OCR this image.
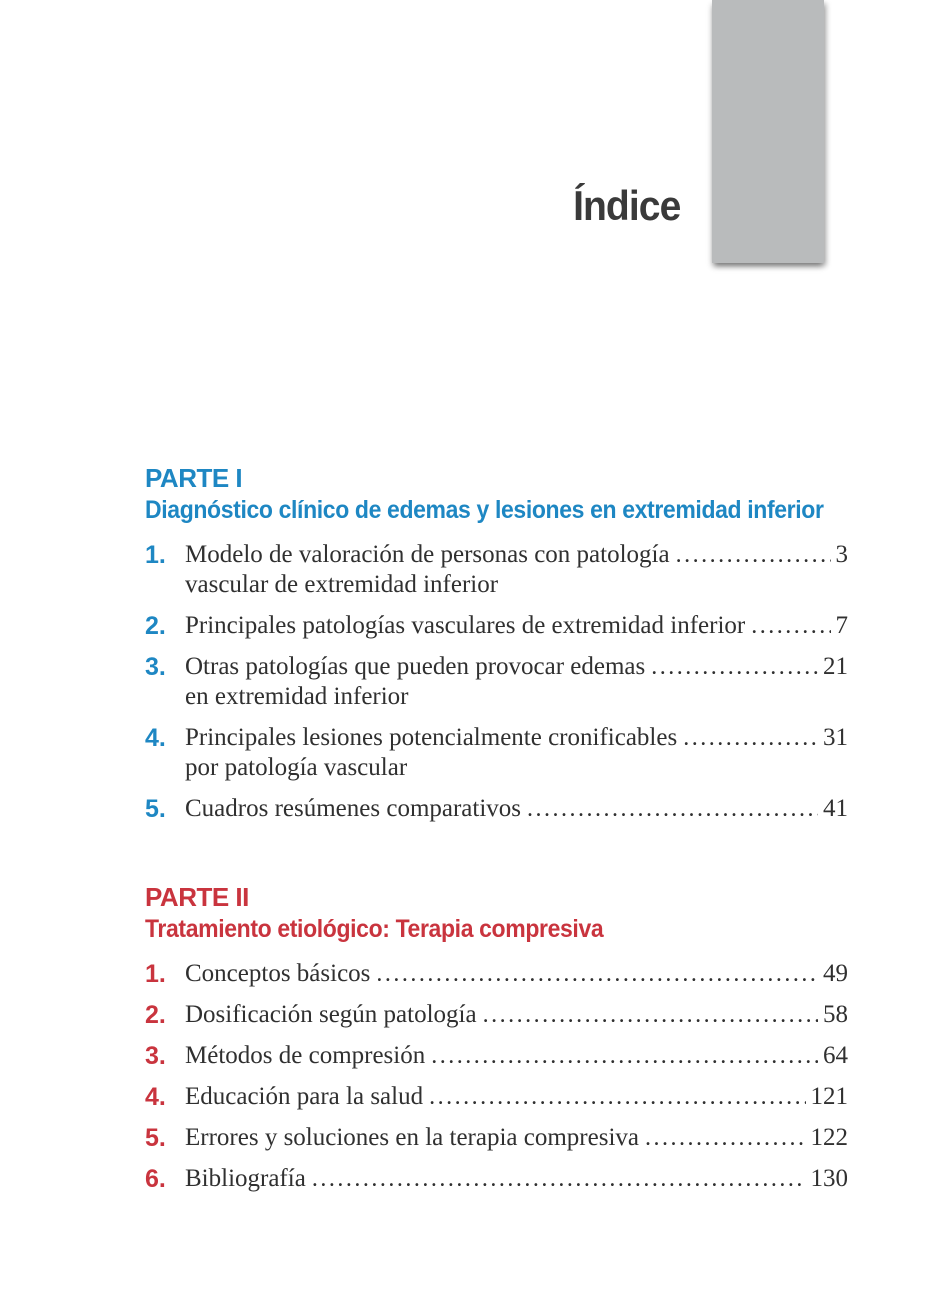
Índice
PARTE I
Diagnóstico clínico de edemas y lesiones en extremidad inferior
1. Modelo de valoración de personas con patología .....	3
vascular de extremidad inferior
2. Principales patologías vasculares de extremidad inferior .....	7
3. Otras patologías que pueden provocar edemas .....	21
en extremidad inferior
4. Principales lesiones potencialmente cronificables .....	31
por patología vascular
5. Cuadros resúmenes comparativos .....	41
PARTE II
Tratamiento etiológico: Terapia compresiva
1. Conceptos básicos .....	49
2. Dosificación según patología .....	58
3. Métodos de compresión .....	64
4. Educación para la salud .....	121
5. Errores y soluciones en la terapia compresiva .....	122
6. Bibliografía .....	130
